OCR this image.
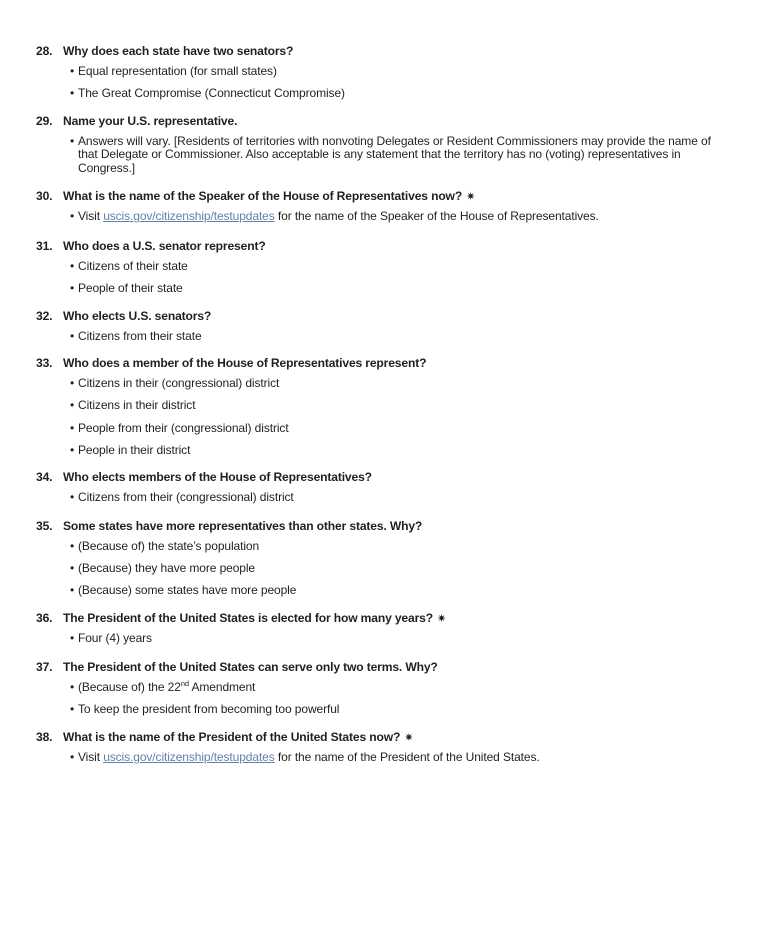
28. Why does each state have two senators?
• Equal representation (for small states)
• The Great Compromise (Connecticut Compromise)
29. Name your U.S. representative.
• Answers will vary. [Residents of territories with nonvoting Delegates or Resident Commissioners may provide the name of that Delegate or Commissioner. Also acceptable is any statement that the territory has no (voting) representatives in Congress.]
30. What is the name of the Speaker of the House of Representatives now? ✷
• Visit uscis.gov/citizenship/testupdates for the name of the Speaker of the House of Representatives.
31. Who does a U.S. senator represent?
• Citizens of their state
• People of their state
32. Who elects U.S. senators?
• Citizens from their state
33. Who does a member of the House of Representatives represent?
• Citizens in their (congressional) district
• Citizens in their district
• People from their (congressional) district
• People in their district
34. Who elects members of the House of Representatives?
• Citizens from their (congressional) district
35. Some states have more representatives than other states. Why?
• (Because of) the state’s population
• (Because) they have more people
• (Because) some states have more people
36. The President of the United States is elected for how many years? ✷
• Four (4) years
37. The President of the United States can serve only two terms. Why?
• (Because of) the 22nd Amendment
• To keep the president from becoming too powerful
38. What is the name of the President of the United States now? ✷
• Visit uscis.gov/citizenship/testupdates for the name of the President of the United States.
